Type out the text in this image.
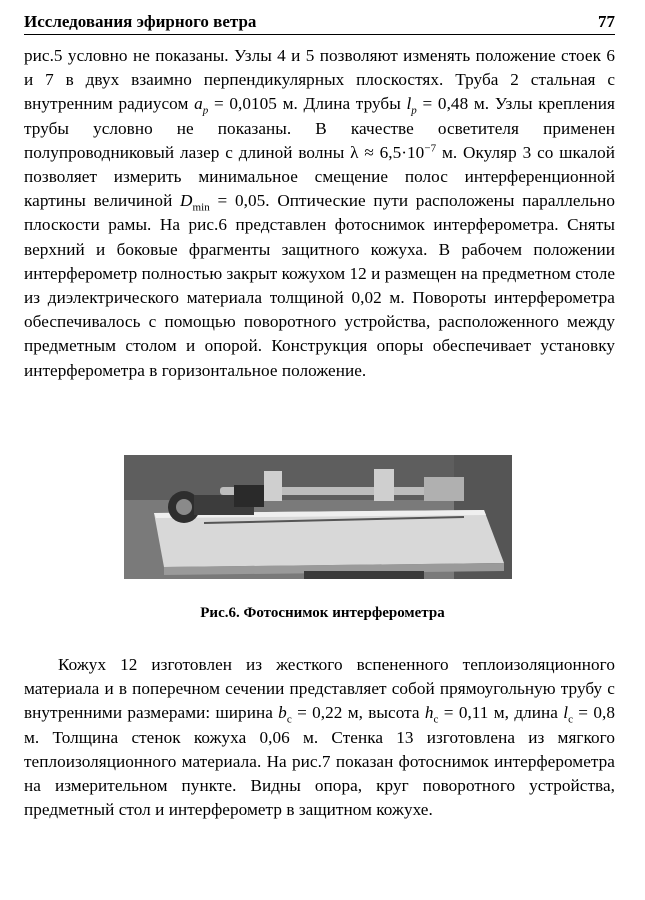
Исследования эфирного ветра	77

рис.5 условно не показаны. Узлы 4 и 5 позволяют изменять положение стоек 6 и 7 в двух взаимно перпендикулярных плоскостях. Труба 2 стальная с внутренним радиусом $a_p = 0,0105$ м. Длина трубы $l_p = 0,48$ м. Узлы крепления трубы условно не показаны. В качестве осветителя применен полупроводниковый лазер с длиной волны $\lambda \approx 6,5\cdot 10^{-7}$ м. Окуляр 3 со шкалой позволяет измерить минимальное смещение полос интерференционной картины величиной $D_{min} = 0,05$. Оптические пути расположены параллельно плоскости рамы. На рис.6 представлен фотоснимок интерферометра. Сняты верхний и боковые фрагменты защитного кожуха. В рабочем положении интерферометр полностью закрыт кожухом 12 и размещен на предметном столе из диэлектрического материала толщиной 0,02 м. Повороты интерферометра обеспечивалось с помощью поворотного устройства, расположенного между предметным столом и опорой. Конструкция опоры обеспечивает установку интерферометра в горизонтальное положение.

Рис.6. Фотоснимок интерферометра

Кожух 12 изготовлен из жесткого вспененного теплоизоляционного материала и в поперечном сечении представляет собой прямоугольную трубу с внутренними размерами: ширина $b_c = 0,22$ м, высота $h_c = 0,11$ м, длина $l_c = 0,8$ м. Толщина стенок кожуха 0,06 м. Стенка 13 изготовлена из мягкого теплоизоляционного материала. На рис.7 показан фотоснимок интерферометра на измерительном пункте. Видны опора, круг поворотного устройства, предметный стол и интерферометр в защитном кожухе.
